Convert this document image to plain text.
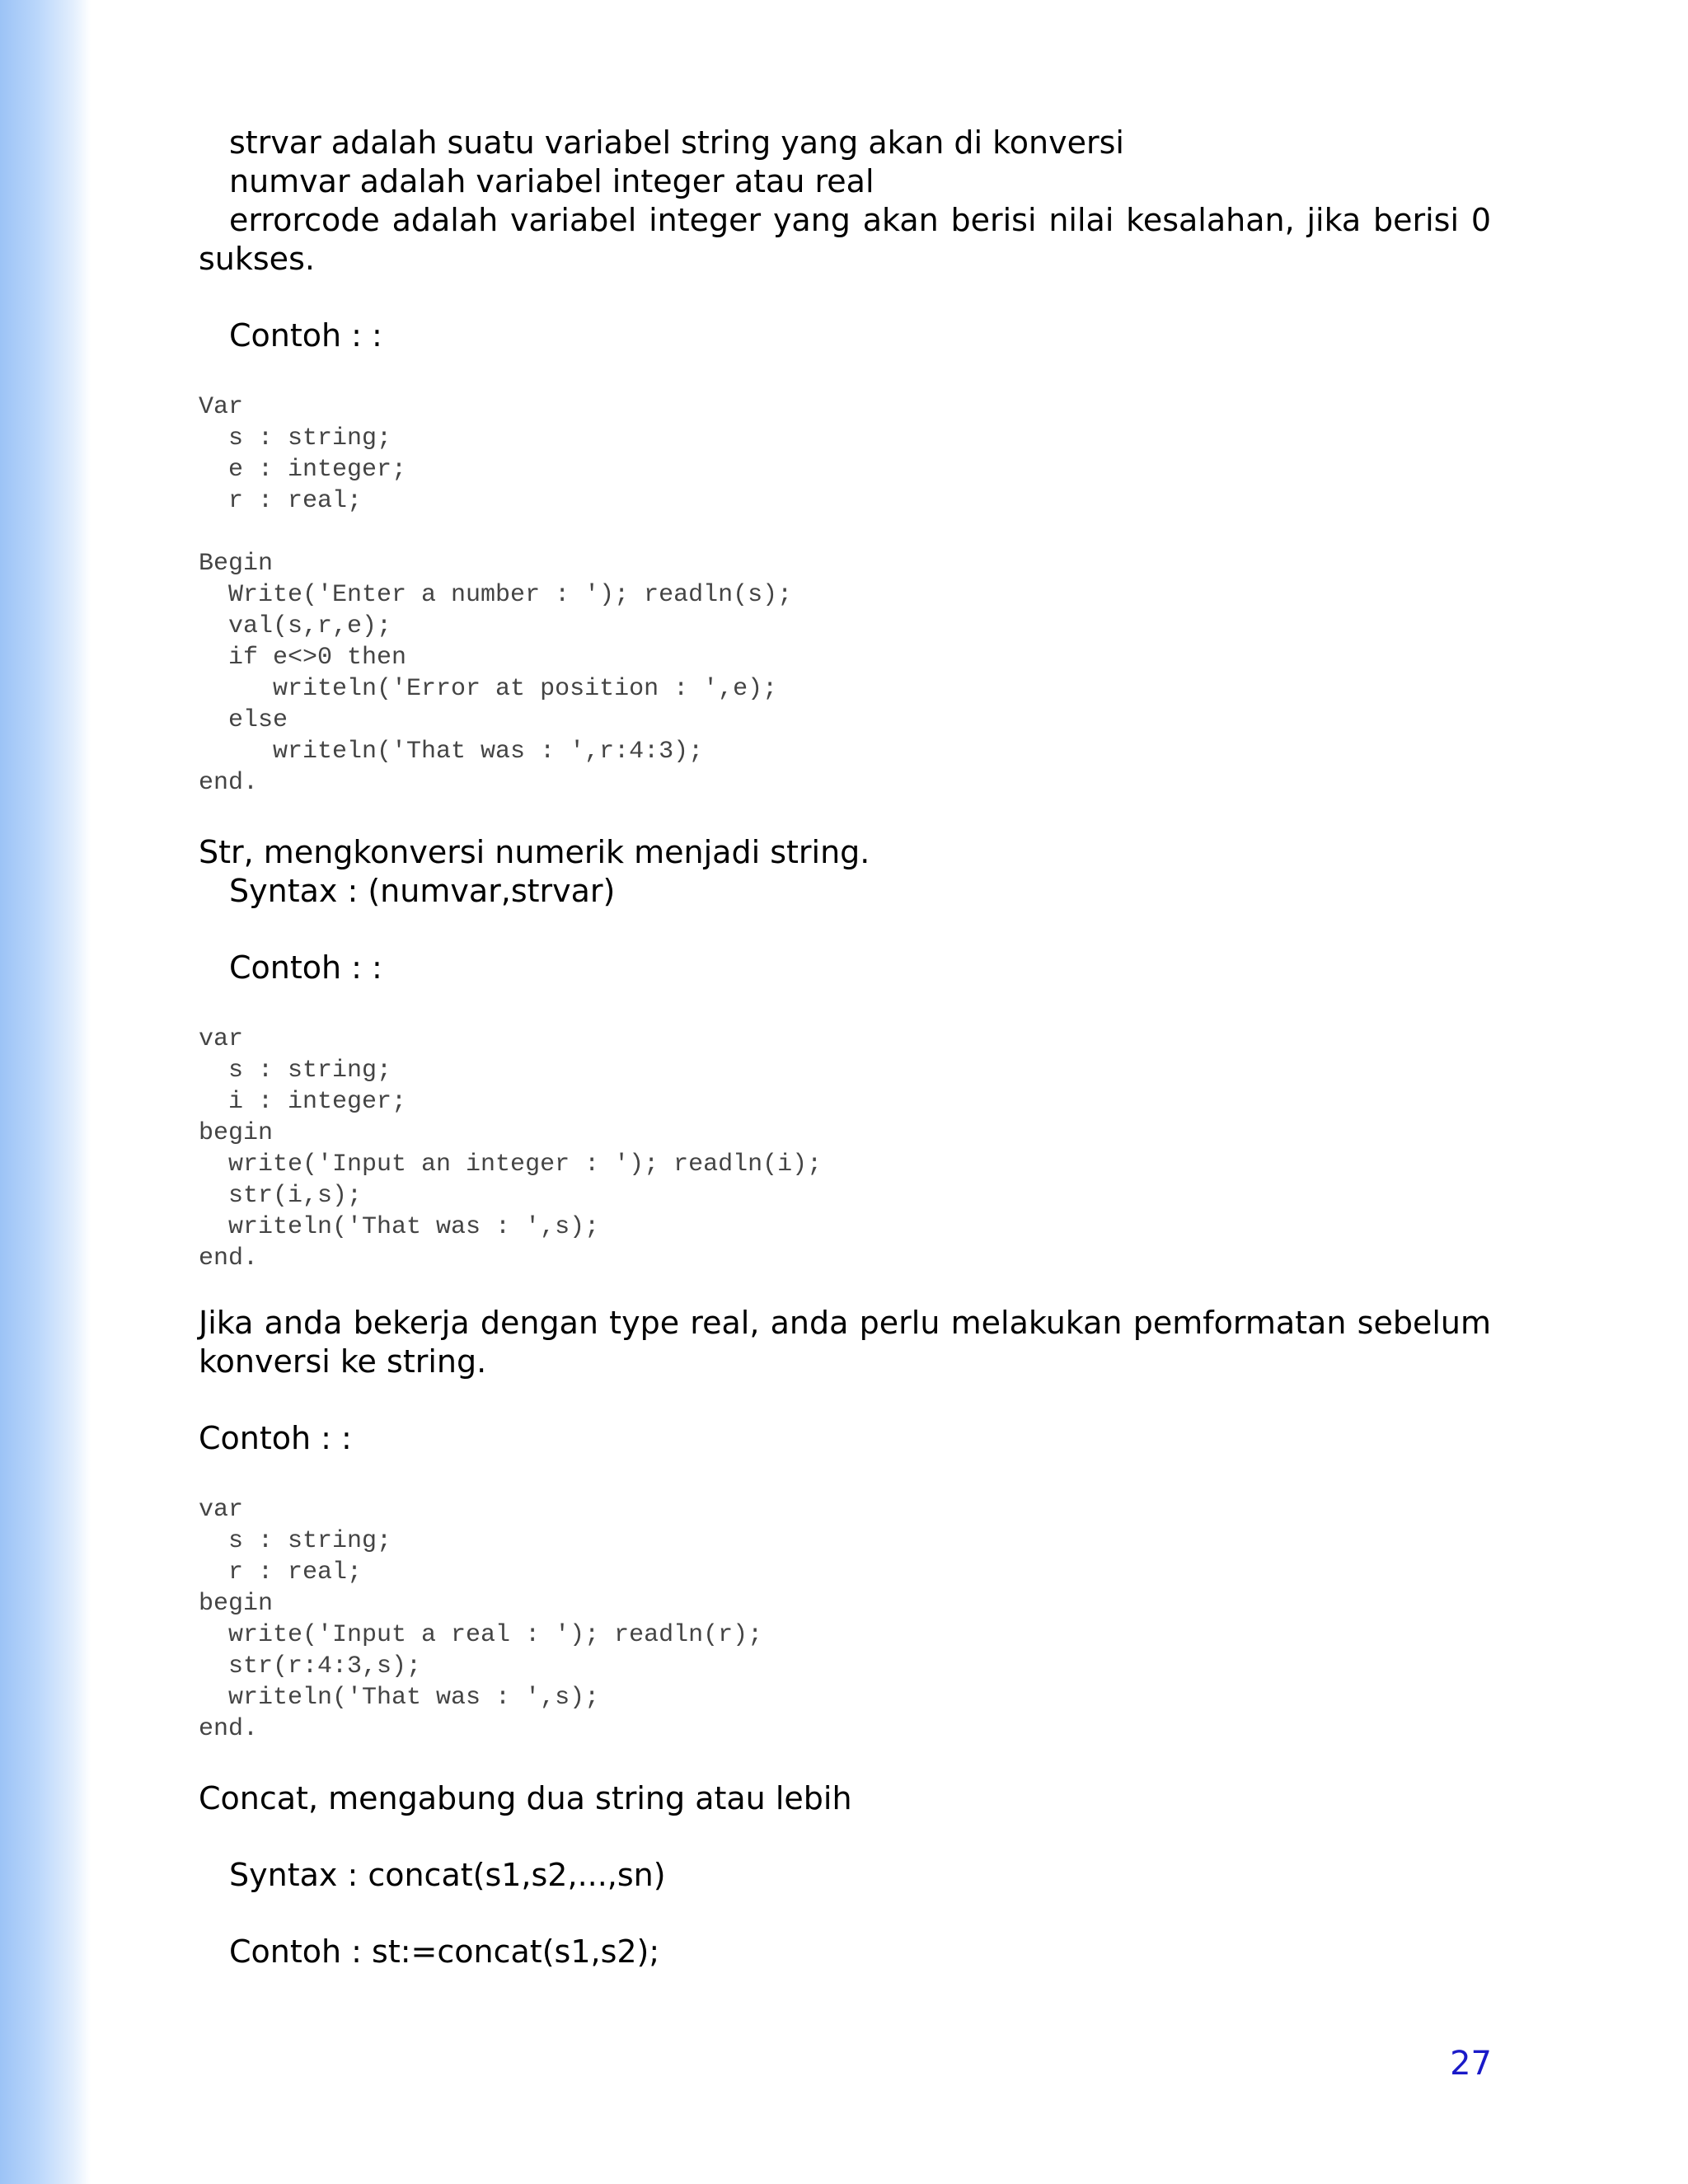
strvar adalah suatu variabel string yang akan di konversi

numvar adalah variabel integer atau real

errorcode adalah variabel integer yang akan berisi nilai kesalahan, jika berisi 0 sukses.

Contoh : :

Var
s : string;
e : integer;
r : real;

Begin
Write('Enter a number : '); readln(s);
val(s,r,e);
if e<>0 then
writeln('Error at position : ',e);
else
writeln('That was : ',r:4:3);
end.

Str, mengkonversi numerik menjadi string.

Syntax : (numvar,strvar)

Contoh : :

var
s : string;
i : integer;
begin
write('Input an integer : '); readln(i);
str(i,s);
writeln('That was : ',s);
end.

Jika anda bekerja dengan type real, anda perlu melakukan pemformatan sebelum konversi ke string.

Contoh : :

var
s : string;
r : real;
begin
write('Input a real : '); readln(r);
str(r:4:3,s);
writeln('That was : ',s);
end.

Concat, mengabung dua string atau lebih

Syntax : concat(s1,s2,...,sn)

Contoh : st:=concat(s1,s2);

27
